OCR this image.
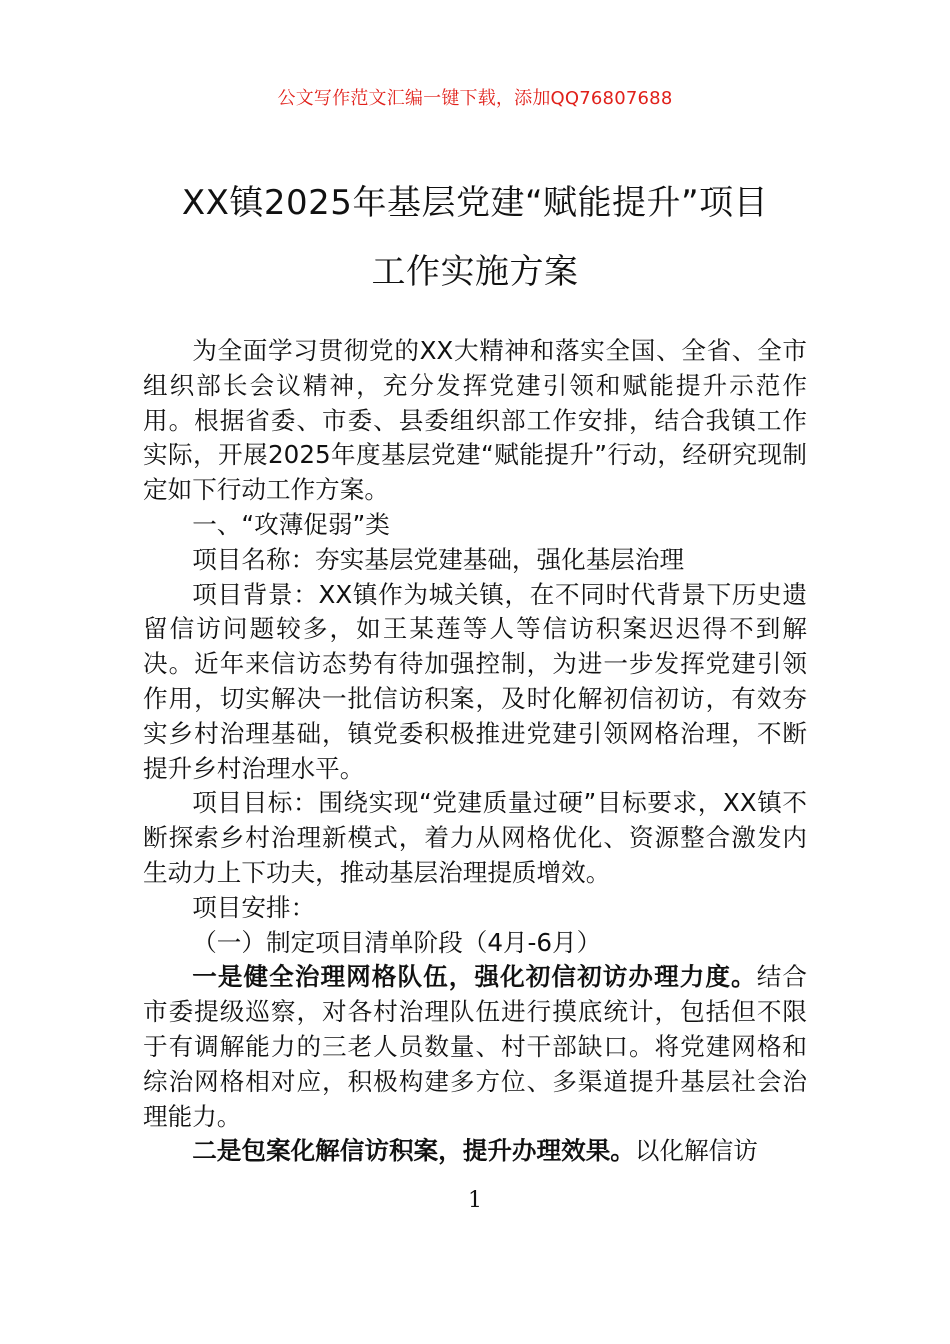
公文写作范文汇编一键下载，添加QQ76807688
XX镇2025年基层党建“赋能提升”项目
工作实施方案

为全面学习贯彻党的XX大精神和落实全国、全省、全市组织部长会议精神，充分发挥党建引领和赋能提升示范作用。根据省委、市委、县委组织部工作安排，结合我镇工作实际，开展2025年度基层党建“赋能提升”行动，经研究现制定如下行动工作方案。

一、“攻薄促弱”类

项目名称：夯实基层党建基础，强化基层治理

项目背景：XX镇作为城关镇，在不同时代背景下历史遗留信访问题较多，如王某莲等人等信访积案迟迟得不到解决。近年来信访态势有待加强控制，为进一步发挥党建引领作用，切实解决一批信访积案，及时化解初信初访，有效夯实乡村治理基础，镇党委积极推进党建引领网格治理，不断提升乡村治理水平。

项目目标：围绕实现“党建质量过硬”目标要求，XX镇不断探索乡村治理新模式，着力从网格优化、资源整合激发内生动力上下功夫，推动基层治理提质增效。

项目安排：

（一）制定项目清单阶段（4月-6月）

一是健全治理网格队伍，强化初信初访办理力度。结合市委提级巡察，对各村治理队伍进行摸底统计，包括但不限于有调解能力的三老人员数量、村干部缺口。将党建网格和综治网格相对应，积极构建多方位、多渠道提升基层社会治理能力。

二是包案化解信访积案，提升办理效果。以化解信访

1
